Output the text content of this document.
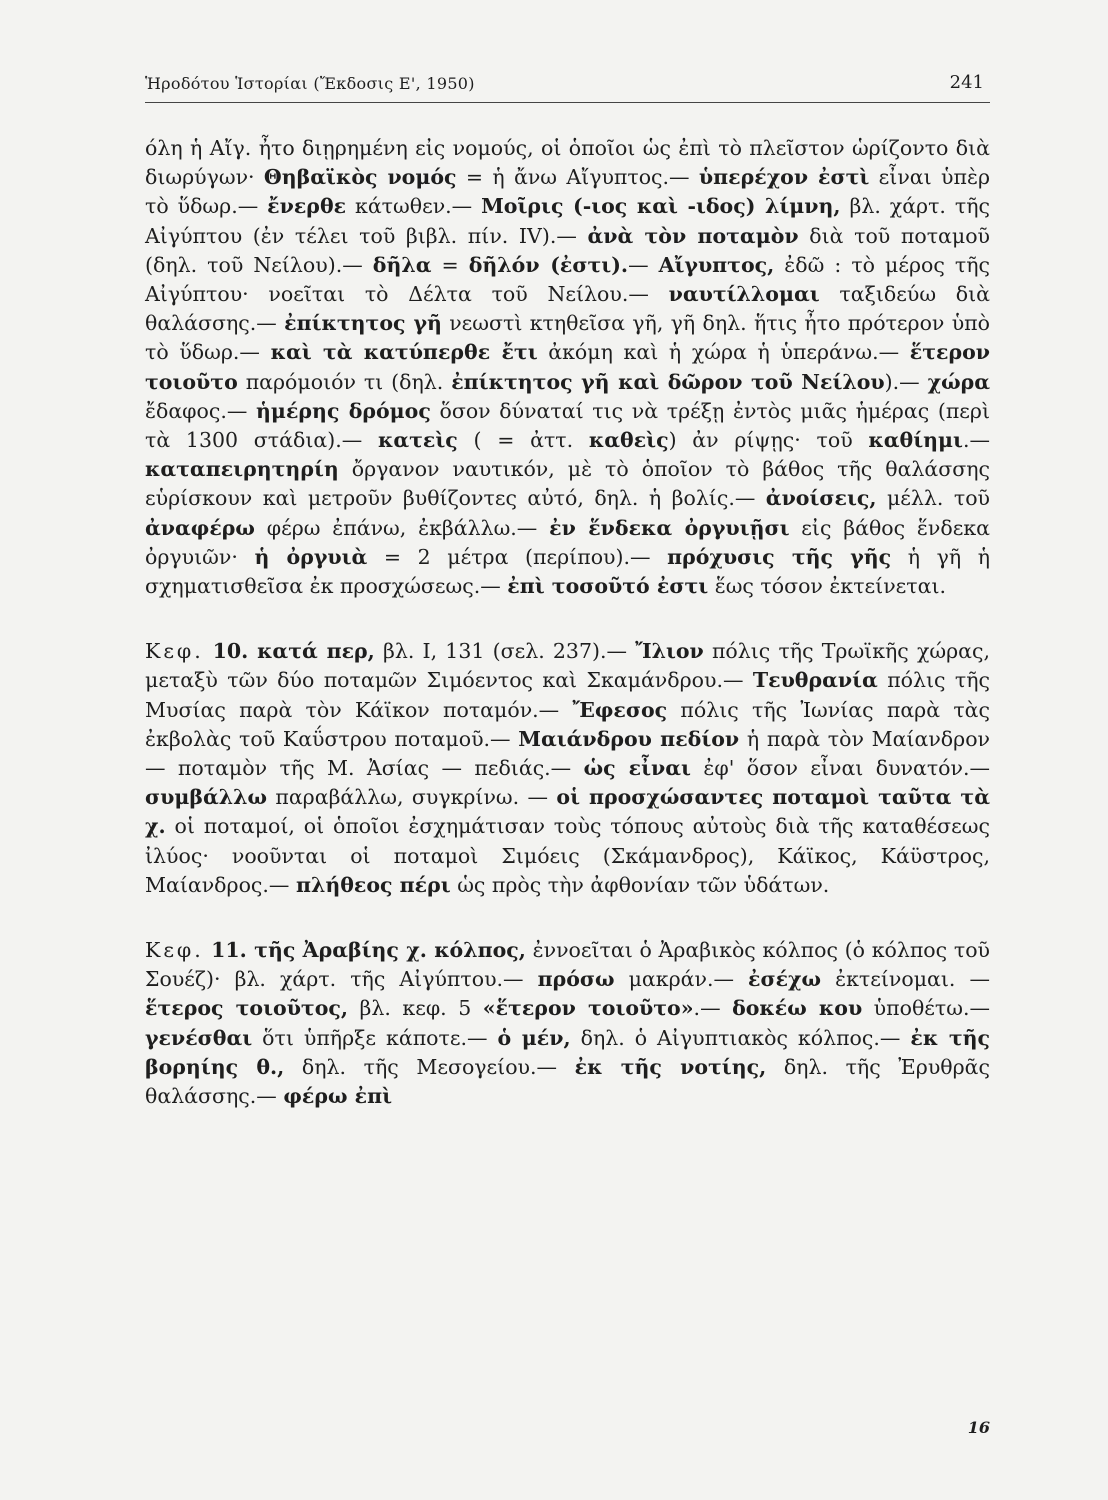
Ἡροδότου Ἱστορίαι (Ἔκδοσις Ε', 1950)	241

όλη ἡ Αἴγ. ἦτο διῃρημένη εἰς νομούς, οἱ ὁποῖοι ὡς ἐπὶ τὸ πλεῖστον ὡρίζοντο διὰ διωρύγων· Θηβαϊκὸς νομός = ἡ ἄνω Αἴγυπτος.— ὑπερέχον ἐστὶ εἶναι ὑπὲρ τὸ ὕδωρ.— ἔνερθε κάτωθεν.— Μοῖρις (-ιος καὶ -ιδος) λίμνη, βλ. χάρτ. τῆς Αἰγύπτου (ἐν τέλει τοῦ βιβλ. πίν. IV).— ἀνὰ τὸν ποταμὸν διὰ τοῦ ποταμοῦ (δηλ. τοῦ Νείλου).— δῆλα = δῆλόν (ἐστι).— Αἴγυπτος, ἐδῶ : τὸ μέρος τῆς Αἰγύπτου· νοεῖται τὸ Δέλτα τοῦ Νείλου.— ναυτίλλομαι ταξιδεύω διὰ θαλάσσης.— ἐπίκτητος γῆ νεωστὶ κτηθεῖσα γῆ, γῆ δηλ. ἥτις ἦτο πρότερον ὑπὸ τὸ ὕδωρ.— καὶ τὰ κατύπερθε ἔτι ἀκόμη καὶ ἡ χώρα ἡ ὑπεράνω.— ἕτερον τοιοῦτο παρόμοιόν τι (δηλ. ἐπίκτητος γῆ καὶ δῶρον τοῦ Νείλου).— χώρα ἔδαφος.— ἡμέρης δρόμος ὅσον δύναταί τις νὰ τρέξῃ ἐντὸς μιᾶς ἡμέρας (περὶ τὰ 1300 στάδια).— κατεὶς ( = ἀττ. καθεὶς) ἀν ρίψῃς· τοῦ καθίημι.— καταπειρητηρίη ὄργανον ναυτικόν, μὲ τὸ ὁποῖον τὸ βάθος τῆς θαλάσσης εὑρίσκουν καὶ μετροῦν βυθίζοντες αὐτό, δηλ. ἡ βολίς.— ἀνοίσεις, μέλλ. τοῦ ἀναφέρω φέρω ἐπάνω, ἐκβάλλω.— ἐν ἕνδεκα ὀργυιῇσι εἰς βάθος ἕνδεκα ὀργυιῶν· ἡ ὀργυιὰ = 2 μέτρα (περίπου).— πρόχυσις τῆς γῆς ἡ γῆ ἡ σχηματισθεῖσα ἐκ προσχώσεως.— ἐπὶ τοσοῦτό ἐστι ἕως τόσον ἐκτείνεται.

Κεφ. 10. κατά περ, βλ. I, 131 (σελ. 237).— Ἴλιον πόλις τῆς Τρωϊκῆς χώρας, μεταξὺ τῶν δύο ποταμῶν Σιμόεντος καὶ Σκαμάνδρου.— Τευθρανία πόλις τῆς Μυσίας παρὰ τὸν Κάϊκον ποταμόν.— Ἔφεσος πόλις τῆς Ἰωνίας παρὰ τὰς ἐκβολὰς τοῦ Καΰστρου ποταμοῦ.— Μαιάνδρου πεδίον ἡ παρὰ τὸν Μαίανδρον — ποταμὸν τῆς Μ. Ἀσίας — πεδιάς.— ὡς εἶναι ἐφ' ὅσον εἶναι δυνατόν.— συμβάλλω παραβάλλω, συγκρίνω. — οἱ προσχώσαντες ποταμοὶ ταῦτα τὰ χ. οἱ ποταμοί, οἱ ὁποῖοι ἐσχημάτισαν τοὺς τόπους αὐτοὺς διὰ τῆς καταθέσεως ἰλύος· νοοῦνται οἱ ποταμοὶ Σιμόεις (Σκάμανδρος), Κάϊκος, Κάϋστρος, Μαίανδρος.— πλήθεος πέρι ὡς πρὸς τὴν ἀφθονίαν τῶν ὑδάτων.

Κεφ. 11. τῆς Ἀραβίης χ. κόλπος, ἐννοεῖται ὁ Ἀραβικὸς κόλπος (ὁ κόλπος τοῦ Σουέζ)· βλ. χάρτ. τῆς Αἰγύπτου.— πρόσω μακράν.— ἐσέχω ἐκτείνομαι. — ἕτερος τοιοῦτος, βλ. κεφ. 5 «ἕτερον τοιοῦτο».— δοκέω κου ὑποθέτω.— γενέσθαι ὅτι ὑπῆρξε κάποτε.— ὁ μέν, δηλ. ὁ Αἰγυπτιακὸς κόλπος.— ἐκ τῆς βορηίης θ., δηλ. τῆς Μεσογείου.— ἐκ τῆς νοτίης, δηλ. τῆς Ἐρυθρᾶς θαλάσσης.— φέρω ἐπὶ

16
